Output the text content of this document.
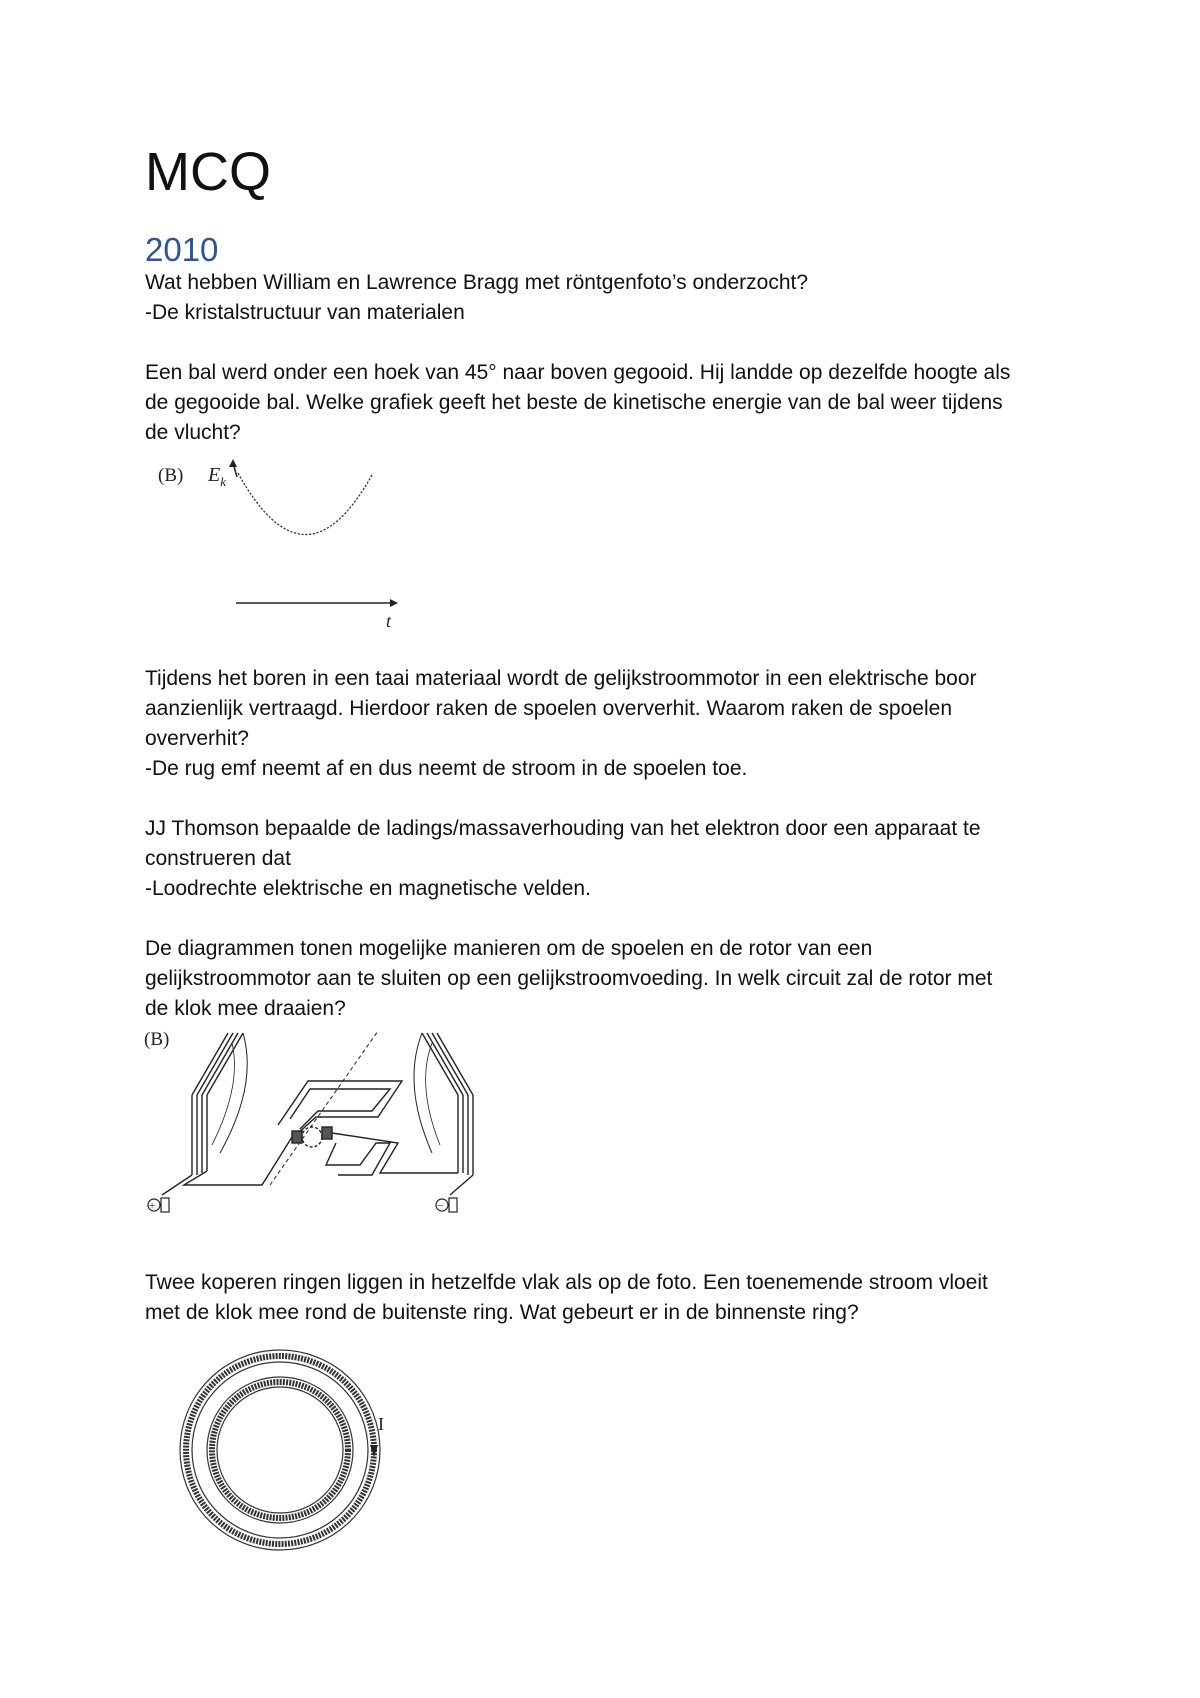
MCQ
2010
Wat hebben William en Lawrence Bragg met röntgenfoto’s onderzocht?
-De kristalstructuur van materialen
Een bal werd onder een hoek van 45° naar boven gegooid. Hij landde op dezelfde hoogte als
de gegooide bal. Welke grafiek geeft het beste de kinetische energie van de bal weer tijdens
de vlucht?
(B) $E_k$
t
Tijdens het boren in een taai materiaal wordt de gelijkstroommotor in een elektrische boor
aanzienlijk vertraagd. Hierdoor raken de spoelen oververhit. Waarom raken de spoelen
oververhit?
-De rug emf neemt af en dus neemt de stroom in de spoelen toe.
JJ Thomson bepaalde de ladings/massaverhouding van het elektron door een apparaat te
construeren dat
-Loodrechte elektrische en magnetische velden.
De diagrammen tonen mogelijke manieren om de spoelen en de rotor van een
gelijkstroommotor aan te sluiten op een gelijkstroomvoeding. In welk circuit zal de rotor met
de klok mee draaien?
(B)
+	−
Twee koperen ringen liggen in hetzelfde vlak als op de foto. Een toenemende stroom vloeit
met de klok mee rond de buitenste ring. Wat gebeurt er in de binnenste ring?
I
